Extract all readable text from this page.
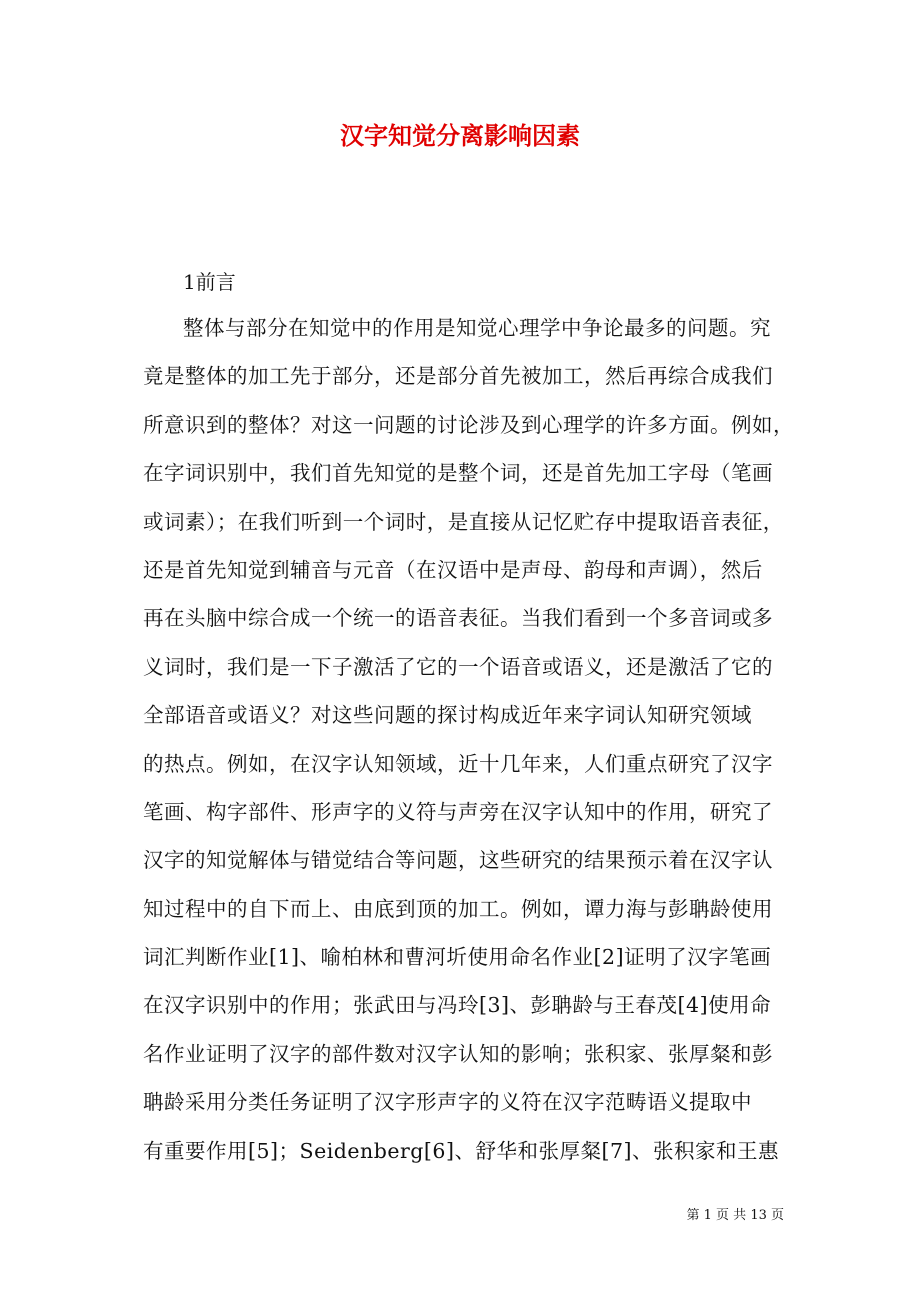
汉字知觉分离影响因素
1前言
整体与部分在知觉中的作用是知觉心理学中争论最多的问题。究
竟是整体的加工先于部分，还是部分首先被加工，然后再综合成我们
所意识到的整体？对这一问题的讨论涉及到心理学的许多方面。例如，
在字词识别中，我们首先知觉的是整个词，还是首先加工字母（笔画
或词素）；在我们听到一个词时，是直接从记忆贮存中提取语音表征，
还是首先知觉到辅音与元音（在汉语中是声母、韵母和声调），然后
再在头脑中综合成一个统一的语音表征。当我们看到一个多音词或多
义词时，我们是一下子激活了它的一个语音或语义，还是激活了它的
全部语音或语义？对这些问题的探讨构成近年来字词认知研究领域
的热点。例如，在汉字认知领域，近十几年来，人们重点研究了汉字
笔画、构字部件、形声字的义符与声旁在汉字认知中的作用，研究了
汉字的知觉解体与错觉结合等问题，这些研究的结果预示着在汉字认
知过程中的自下而上、由底到顶的加工。例如，谭力海与彭聃龄使用
词汇判断作业[1]、喻柏林和曹河圻使用命名作业[2]证明了汉字笔画
在汉字识别中的作用；张武田与冯玲[3]、彭聃龄与王春茂[4]使用命
名作业证明了汉字的部件数对汉字认知的影响；张积家、张厚粲和彭
聃龄采用分类任务证明了汉字形声字的义符在汉字范畴语义提取中
有重要作用[5]；Seidenberg[6]、舒华和张厚粲[7]、张积家和王惠
第 1 页 共 13 页
